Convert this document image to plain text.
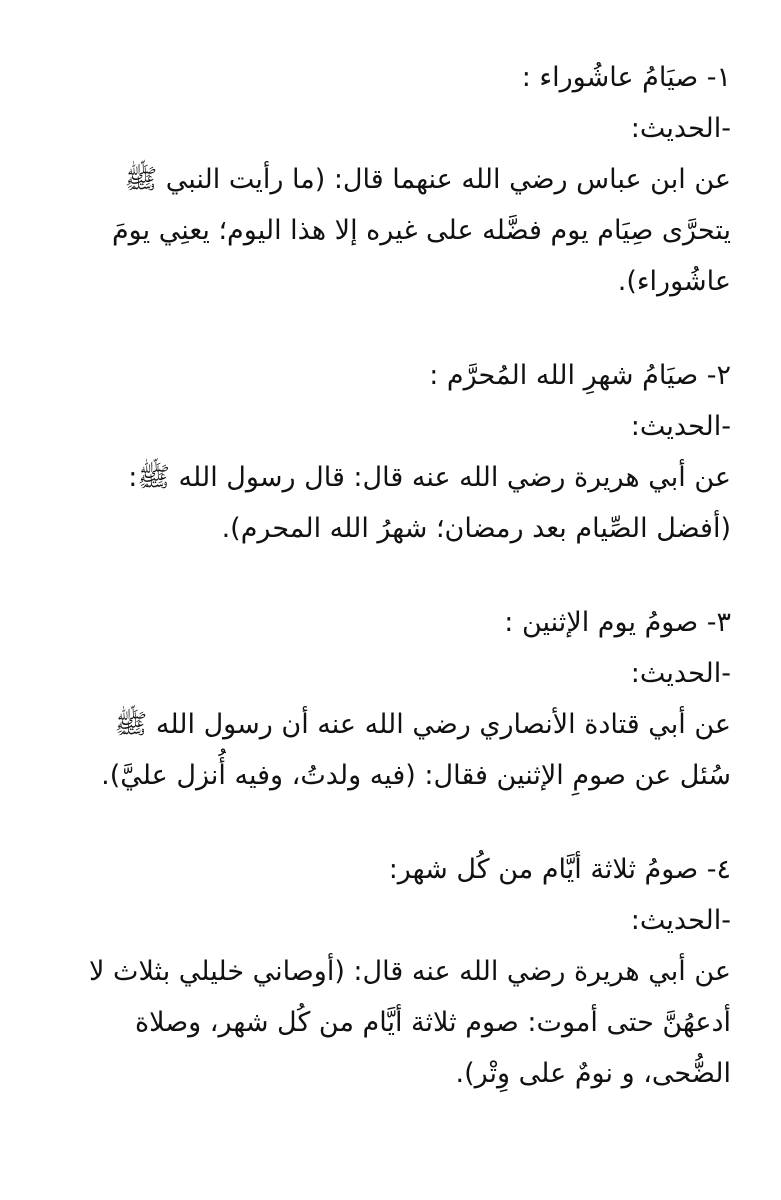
١- صيَامُ عاشُوراء :

-الحديث:

عن ابن عباس رضي الله عنهما قال: (ما رأيت النبي ﷺ

يتحرَّى صِيَام يوم فضَّله على غيره إلا هذا اليوم؛ يعنِي يومَ

عاشُوراء).

٢- صيَامُ شهرِ الله المُحرَّم :

-الحديث:

عن أبي هريرة رضي الله عنه قال: قال رسول الله ﷺ:

(أفضل الصِّيام بعد رمضان؛ شهرُ الله المحرم).

٣- صومُ يوم الإثنين :

-الحديث:

عن أبي قتادة الأنصاري رضي الله عنه أن رسول الله ﷺ

سُئل عن صومِ الإثنين فقال: (فيه ولدتُ، وفيه أُنزل عليَّ).

٤- صومُ ثلاثة أيَّام من كُل شهر:

-الحديث:

عن أبي هريرة رضي الله عنه قال: (أوصاني خليلي بثلاث لا

أدعهُنَّ حتى أموت: صوم ثلاثة أيَّام من كُل شهر، وصلاة

الضُّحى، و نومٌ على وِتْر).
